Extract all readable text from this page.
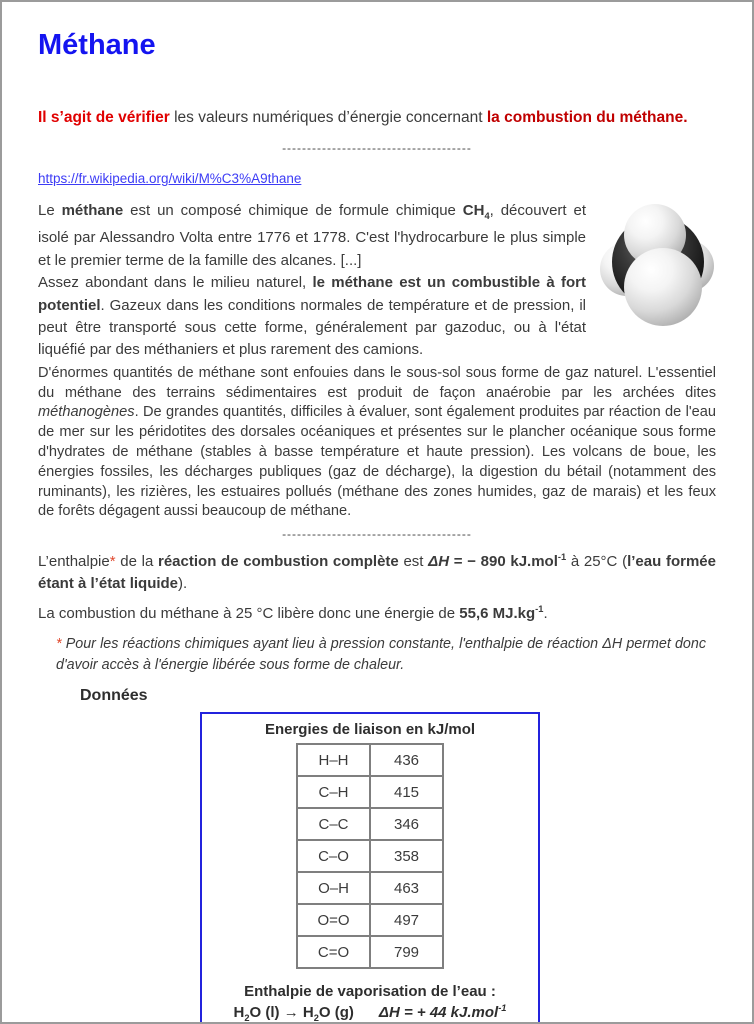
Méthane

Il s’agit de vérifier les valeurs numériques d’énergie concernant la combustion du méthane.

--------------------------------------
https://fr.wikipedia.org/wiki/M%C3%A9thane

Le méthane est un composé chimique de formule chimique $CH_4$, découvert et isolé par Alessandro Volta entre 1776 et 1778. C'est l'hydrocarbure le plus simple et le premier terme de la famille des alcanes. [...]

Assez abondant dans le milieu naturel, le méthane est un combustible à fort potentiel. Gazeux dans les conditions normales de température et de pression, il peut être transporté sous cette forme, généralement par gazoduc, ou à l'état liquéfié par des méthaniers et plus rarement des camions.

D'énormes quantités de méthane sont enfouies dans le sous-sol sous forme de gaz naturel. L'essentiel du méthane des terrains sédimentaires est produit de façon anaérobie par les archées dites méthanogènes. De grandes quantités, difficiles à évaluer, sont également produites par réaction de l'eau de mer sur les péridotites des dorsales océaniques et présentes sur le plancher océanique sous forme d'hydrates de méthane (stables à basse température et haute pression). Les volcans de boue, les énergies fossiles, les décharges publiques (gaz de décharge), la digestion du bétail (notamment des ruminants), les rizières, les estuaires pollués (méthane des zones humides, gaz de marais) et les feux de forêts dégagent aussi beaucoup de méthane.

--------------------------------------

L’enthalpie* de la réaction de combustion complète est ΔH = − 890 kJ.mol$^{-1}$ à 25°C (l’eau formée étant à l’état liquide).

La combustion du méthane à 25 °C libère donc une énergie de 55,6 $MJ.kg^{-1}$.

* Pour les réactions chimiques ayant lieu à pression constante, l'enthalpie de réaction ΔH permet donc d'avoir accès à l'énergie libérée sous forme de chaleur.

Données
Energies de liaison en kJ/mol
H–H	436
C–H	415
C–C	346
C–O	358
O–H	463
O=O	497
C=O	799
Enthalpie de vaporisation de l’eau :
$H_2O$ $(l) \to H_2O$ (g) ΔH = + 44 kJ.mol$^{-1}$
